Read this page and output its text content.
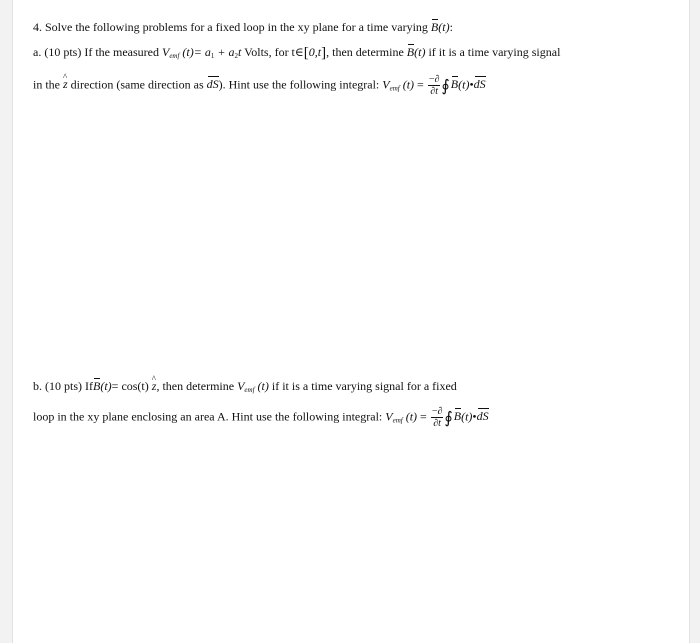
4. Solve the following problems for a fixed loop in the xy plane for a time varying B(t):
a. (10 pts) If the measured $V_{emf}$ $(t)= a_1 + a_2t$ Volts, for t∈[0,t], then determine B(t) if it is a time varying signal
in the ^ z direction (same direction as dS). Hint use the following integral: $V_{emf}$ $(t) = \frac{-\partial}{\partial t}$ ∮B(t)•dS
b. (10 pts) IfB(t)= cos(t) ^ z, then determine $V_{emf}$ (t) if it is a time varying signal for a fixed
loop in the xy plane enclosing an area A. Hint use the following integral: $V_{emf}$ $(t) = \frac{-\partial}{\partial t}$ ∮B(t)•dS
